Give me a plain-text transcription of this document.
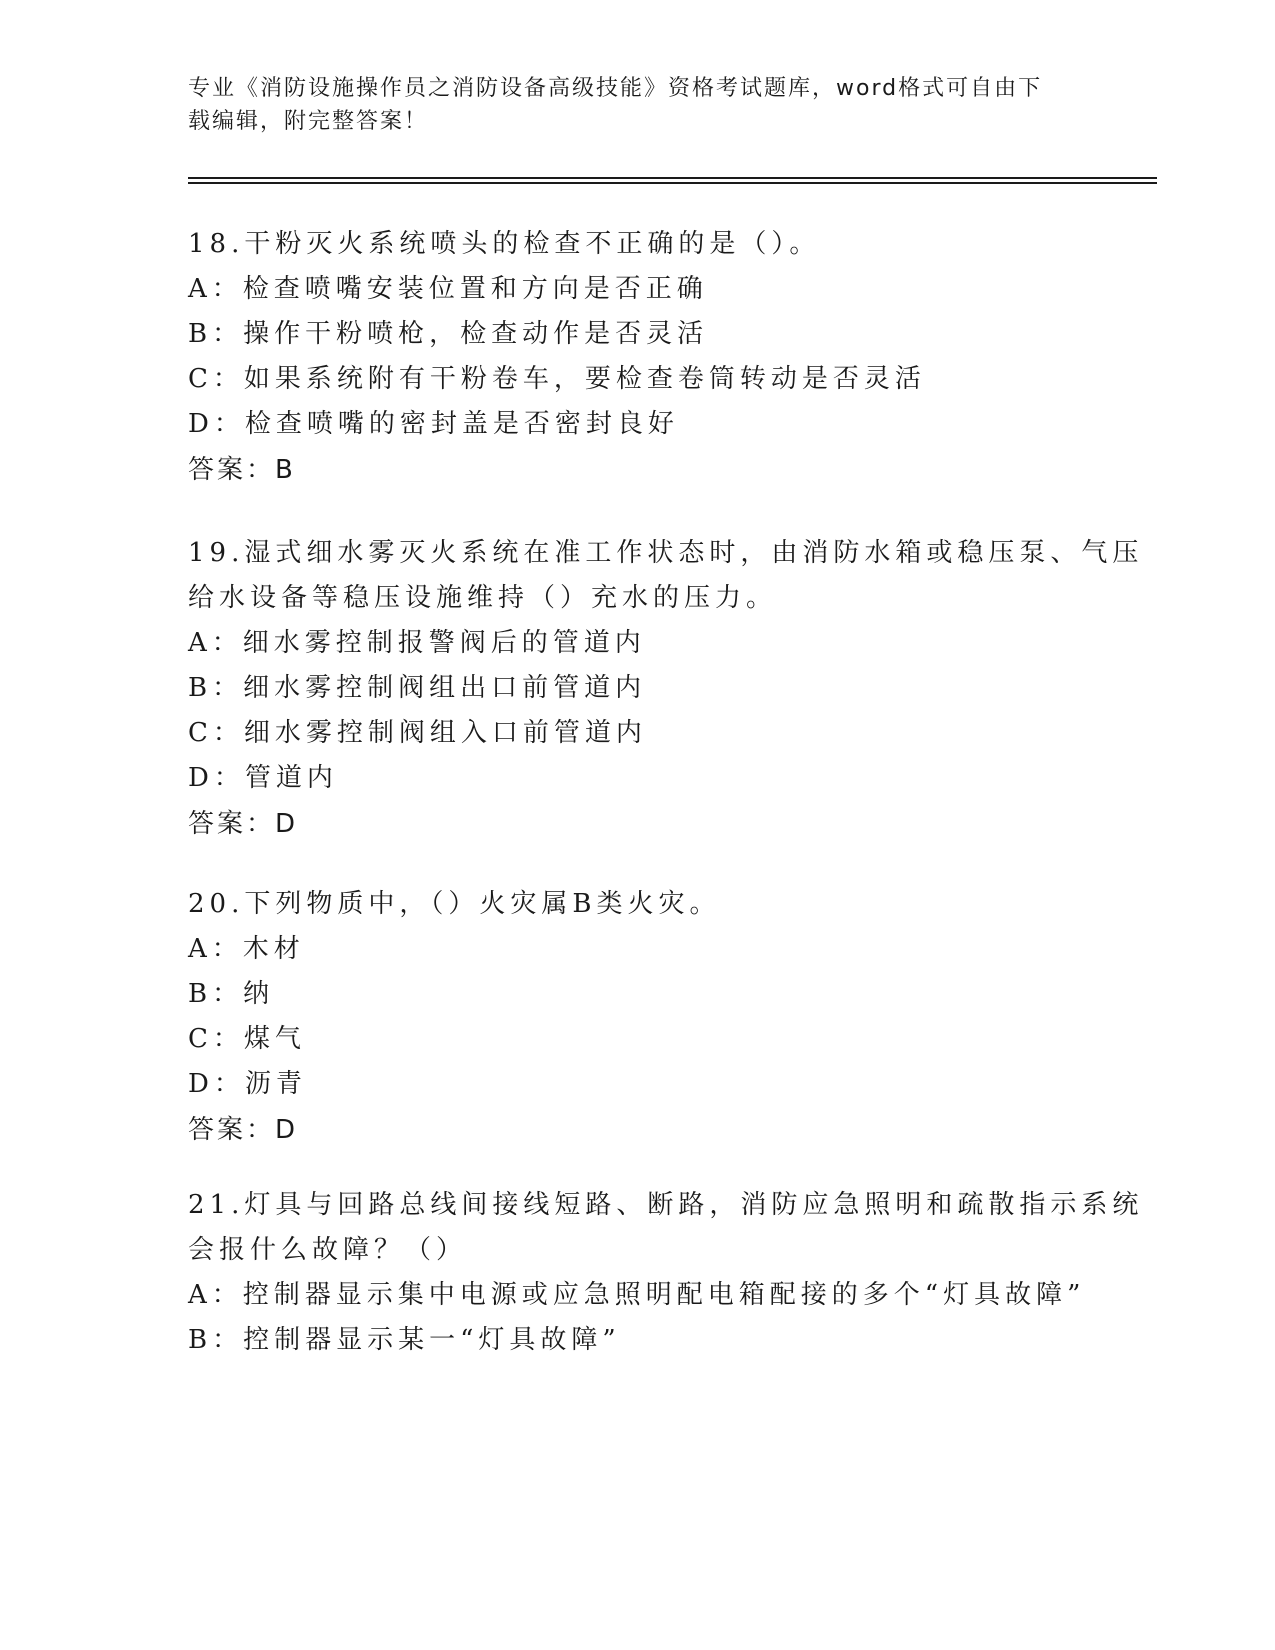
专业《消防设施操作员之消防设备高级技能》资格考试题库，word格式可自由下
载编辑，附完整答案！
18.干粉灭火系统喷头的检查不正确的是（）。
A：检查喷嘴安装位置和方向是否正确
B：操作干粉喷枪，检查动作是否灵活
C：如果系统附有干粉卷车，要检查卷筒转动是否灵活
D：检查喷嘴的密封盖是否密封良好
答案：B
19.湿式细水雾灭火系统在准工作状态时，由消防水箱或稳压泵、气压
给水设备等稳压设施维持（）充水的压力。
A：细水雾控制报警阀后的管道内
B：细水雾控制阀组出口前管道内
C：细水雾控制阀组入口前管道内
D：管道内
答案：D
20.下列物质中，（）火灾属B类火灾。
A：木材
B：纳
C：煤气
D：沥青
答案：D
21.灯具与回路总线间接线短路、断路，消防应急照明和疏散指示系统
会报什么故障？（）
A：控制器显示集中电源或应急照明配电箱配接的多个“灯具故障”
B：控制器显示某一“灯具故障”
